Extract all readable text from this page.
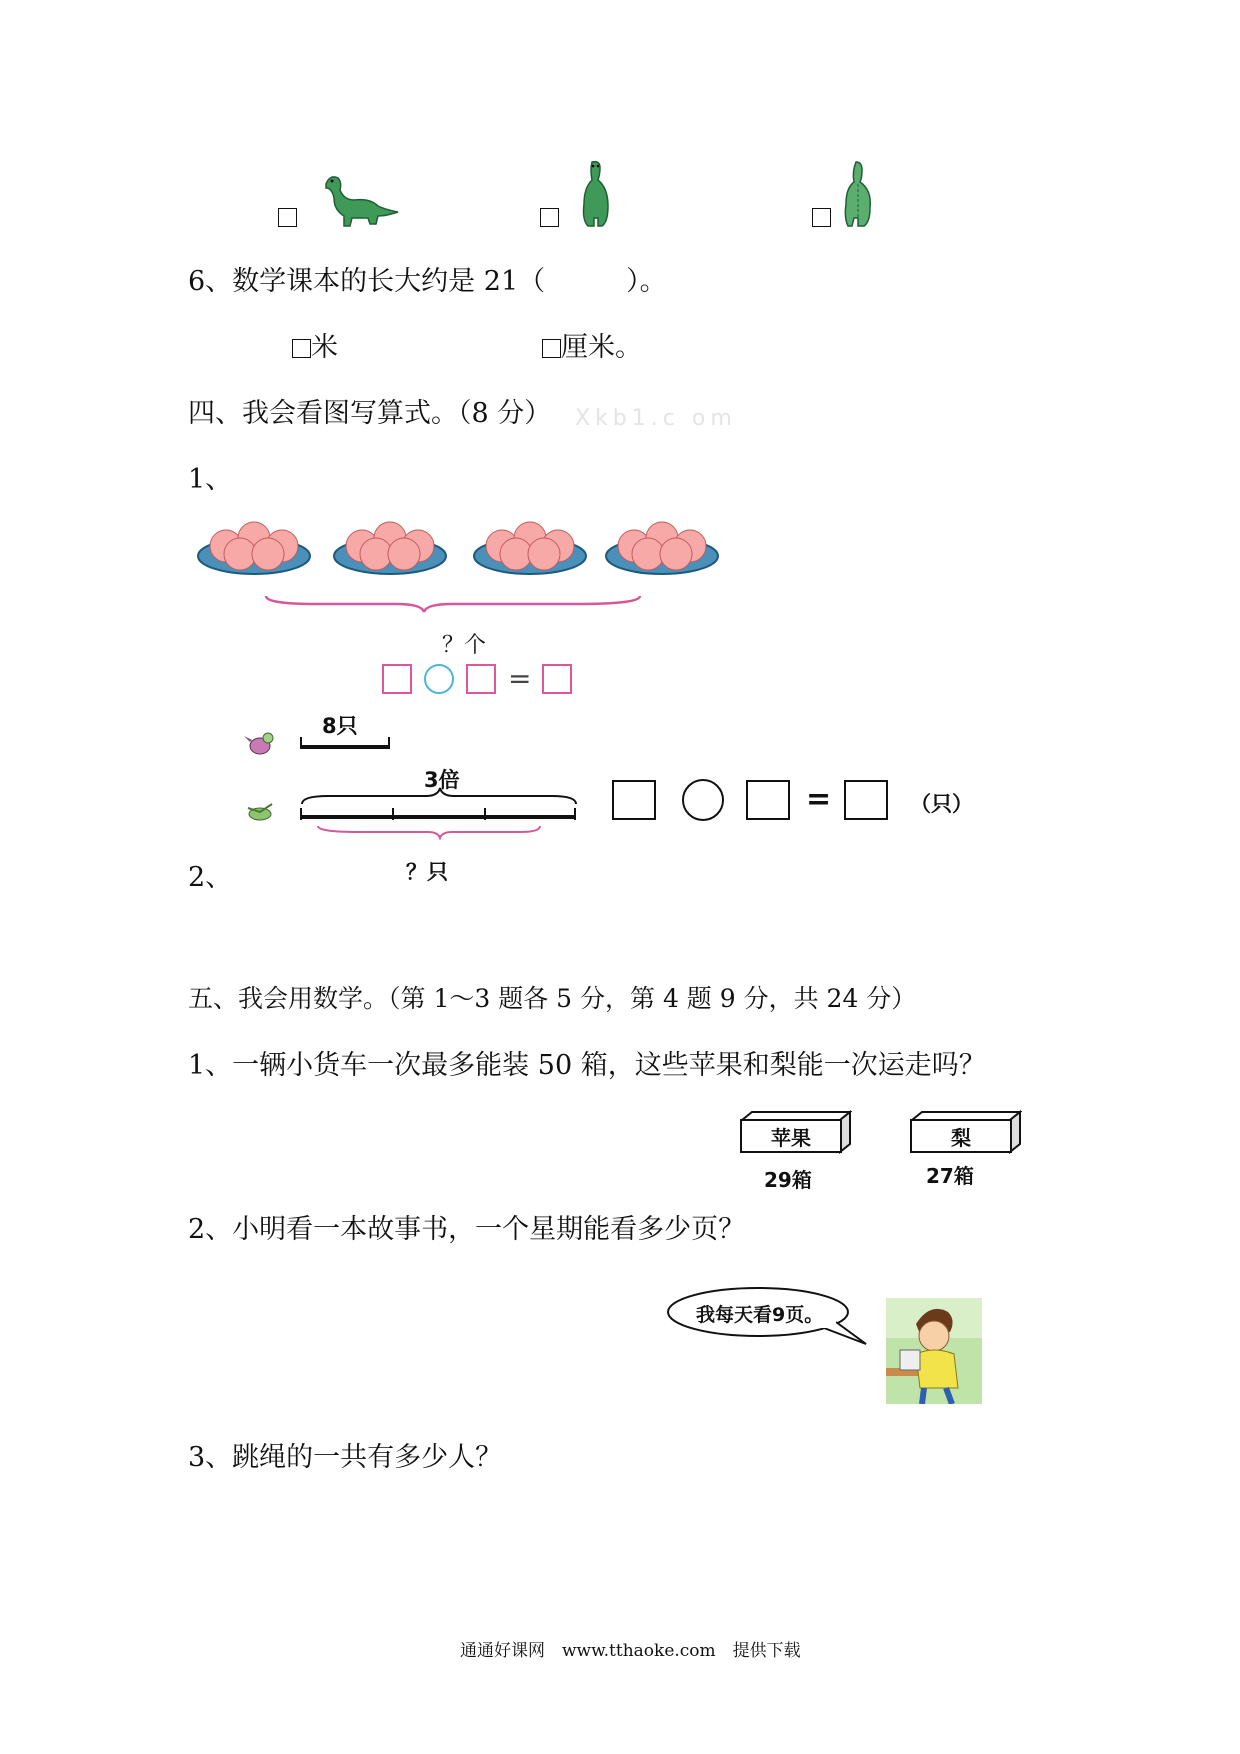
6、数学课本的长大约是 21（　　　）。
米	厘米。
四、我会看图写算式。（8 分） Xkb1.c om
1、
？个
=
8只
3倍
？只
2、
=	（只）
五、我会用数学。（第 1～3 题各 5 分，第 4 题 9 分，共 24 分）
1、一辆小货车一次最多能装 50 箱，这些苹果和梨能一次运走吗？
苹果
29箱
梨
27箱
2、小明看一本故事书，一个星期能看多少页？
我每天看9页。
3、跳绳的一共有多少人？
通通好课网　www.tthaoke.com　提供下载
